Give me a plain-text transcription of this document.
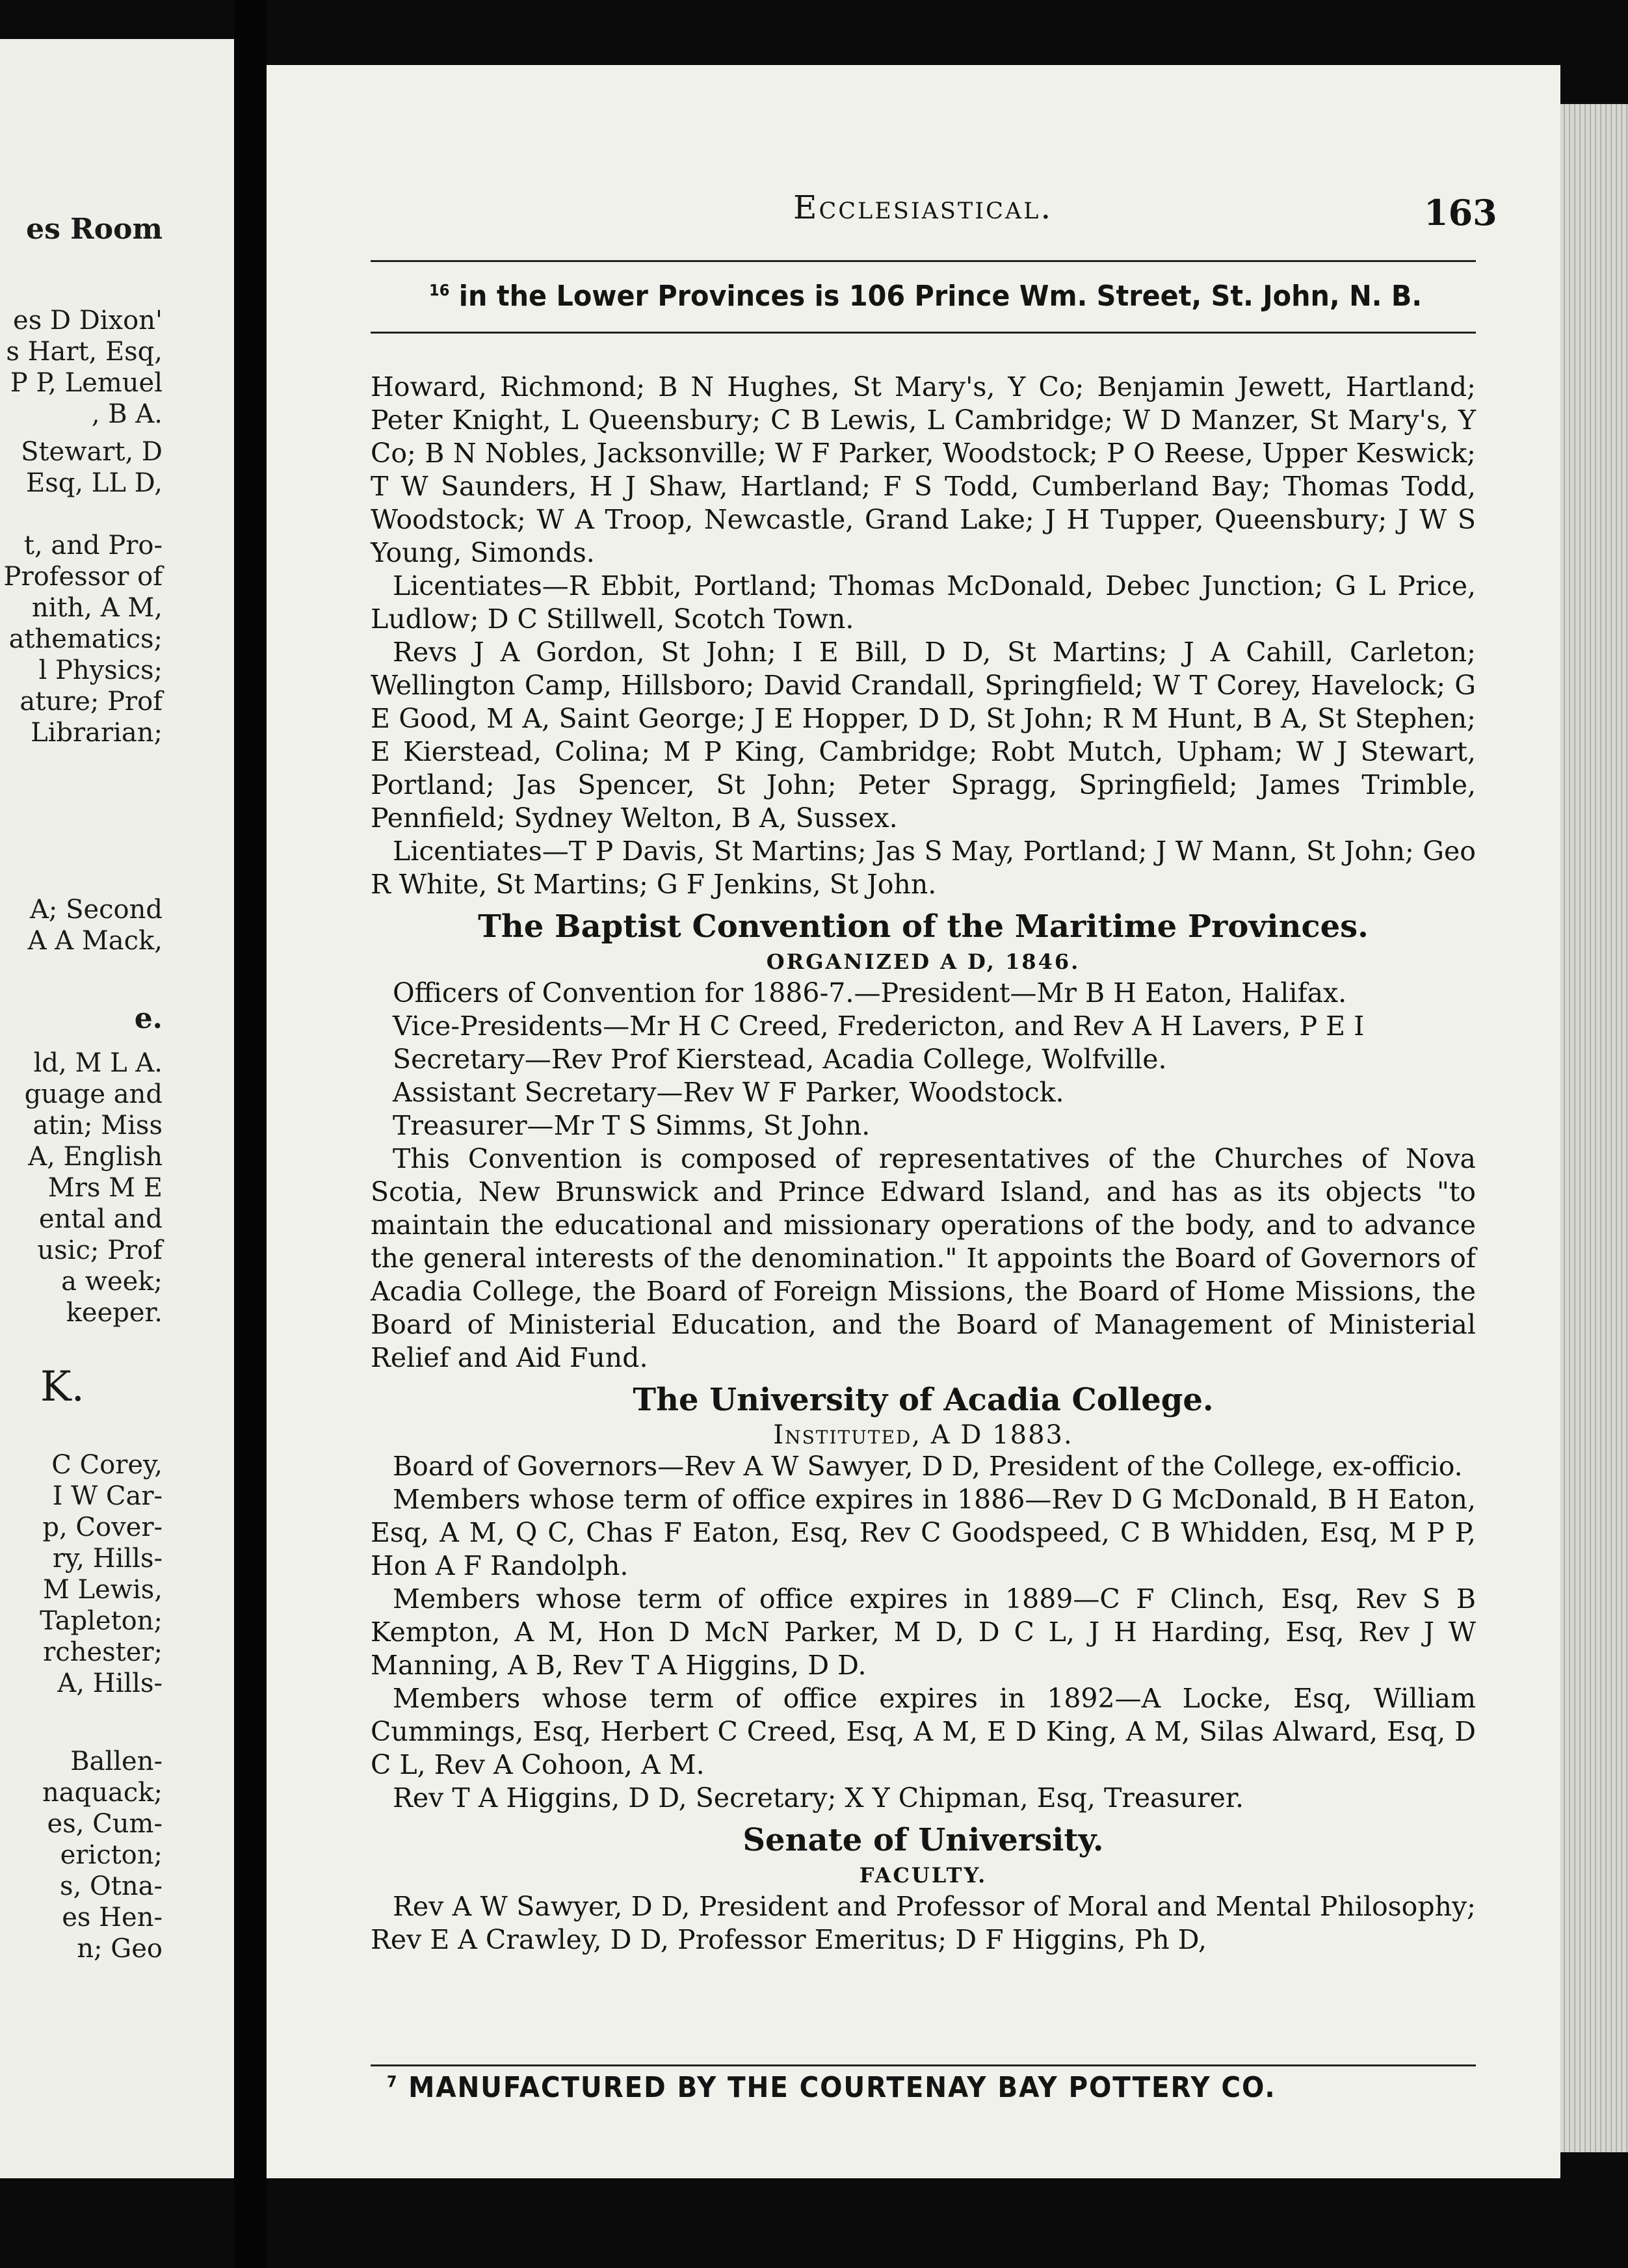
es Room
es D Dixon'
s Hart, Esq,
P P, Lemuel
, B A.
Stewart, D
Esq, LL D,
t, and Pro-
Professor of
nith, A M,
athematics;
l Physics;
ature; Prof
Librarian;
A; Second
A A Mack,
e.
ld, M L A.
guage and
atin; Miss
A, English
Mrs M E
ental and
usic; Prof
a week;
keeper.
K.
C Corey,
I W Car-
p, Cover-
ry, Hills-
M Lewis,
Tapleton;
rchester;
A, Hills-
Ballen-
naquack;
es, Cum-
ericton;
s, Otna-
es Hen-
n; Geo
Ecclesiastical.	163
$^{16}$ in the Lower Provinces is 106 Prince Wm. Street, St. John, N. B.
Howard, Richmond; B N Hughes, St Mary's, Y Co; Benjamin Jewett, Hartland; Peter Knight, L Queensbury; C B Lewis, L Cambridge; W D Manzer, St Mary's, Y Co; B N Nobles, Jacksonville; W F Parker, Woodstock; P O Reese, Upper Keswick; T W Saunders, H J Shaw, Hartland; F S Todd, Cumberland Bay; Thomas Todd, Woodstock; W A Troop, Newcastle, Grand Lake; J H Tupper, Queensbury; J W S Young, Simonds.
Licentiates—R Ebbit, Portland; Thomas McDonald, Debec Junction; G L Price, Ludlow; D C Stillwell, Scotch Town.
Revs J A Gordon, St John; I E Bill, D D, St Martins; J A Cahill, Carleton; Wellington Camp, Hillsboro; David Crandall, Springfield; W T Corey, Havelock; G E Good, M A, Saint George; J E Hopper, D D, St John; R M Hunt, B A, St Stephen; E Kierstead, Colina; M P King, Cambridge; Robt Mutch, Upham; W J Stewart, Portland; Jas Spencer, St John; Peter Spragg, Springfield; James Trimble, Pennfield; Sydney Welton, B A, Sussex.
Licentiates—T P Davis, St Martins; Jas S May, Portland; J W Mann, St John; Geo R White, St Martins; G F Jenkins, St John.
The Baptist Convention of the Maritime Provinces.
ORGANIZED A D, 1846.
Officers of Convention for 1886-7.—President—Mr B H Eaton, Halifax.
Vice-Presidents—Mr H C Creed, Fredericton, and Rev A H Lavers, P E I
Secretary—Rev Prof Kierstead, Acadia College, Wolfville.
Assistant Secretary—Rev W F Parker, Woodstock.
Treasurer—Mr T S Simms, St John.
This Convention is composed of representatives of the Churches of Nova Scotia, New Brunswick and Prince Edward Island, and has as its objects "to maintain the educational and missionary operations of the body, and to advance the general interests of the denomination." It appoints the Board of Governors of Acadia College, the Board of Foreign Missions, the Board of Home Missions, the Board of Ministerial Education, and the Board of Management of Ministerial Relief and Aid Fund.
The University of Acadia College.
Instituted, A D 1883.
Board of Governors—Rev A W Sawyer, D D, President of the College, ex-officio.
Members whose term of office expires in 1886—Rev D G McDonald, B H Eaton, Esq, A M, Q C, Chas F Eaton, Esq, Rev C Goodspeed, C B Whidden, Esq, M P P, Hon A F Randolph.
Members whose term of office expires in 1889—C F Clinch, Esq, Rev S B Kempton, A M, Hon D McN Parker, M D, D C L, J H Harding, Esq, Rev J W Manning, A B, Rev T A Higgins, D D.
Members whose term of office expires in 1892—A Locke, Esq, William Cummings, Esq, Herbert C Creed, Esq, A M, E D King, A M, Silas Alward, Esq, D C L, Rev A Cohoon, A M.
Rev T A Higgins, D D, Secretary; X Y Chipman, Esq, Treasurer.
Senate of University.
FACULTY.
Rev A W Sawyer, D D, President and Professor of Moral and Mental Philosophy; Rev E A Crawley, D D, Professor Emeritus; D F Higgins, Ph D,
$^7$ MANUFACTURED BY THE COURTENAY BAY POTTERY CO.
